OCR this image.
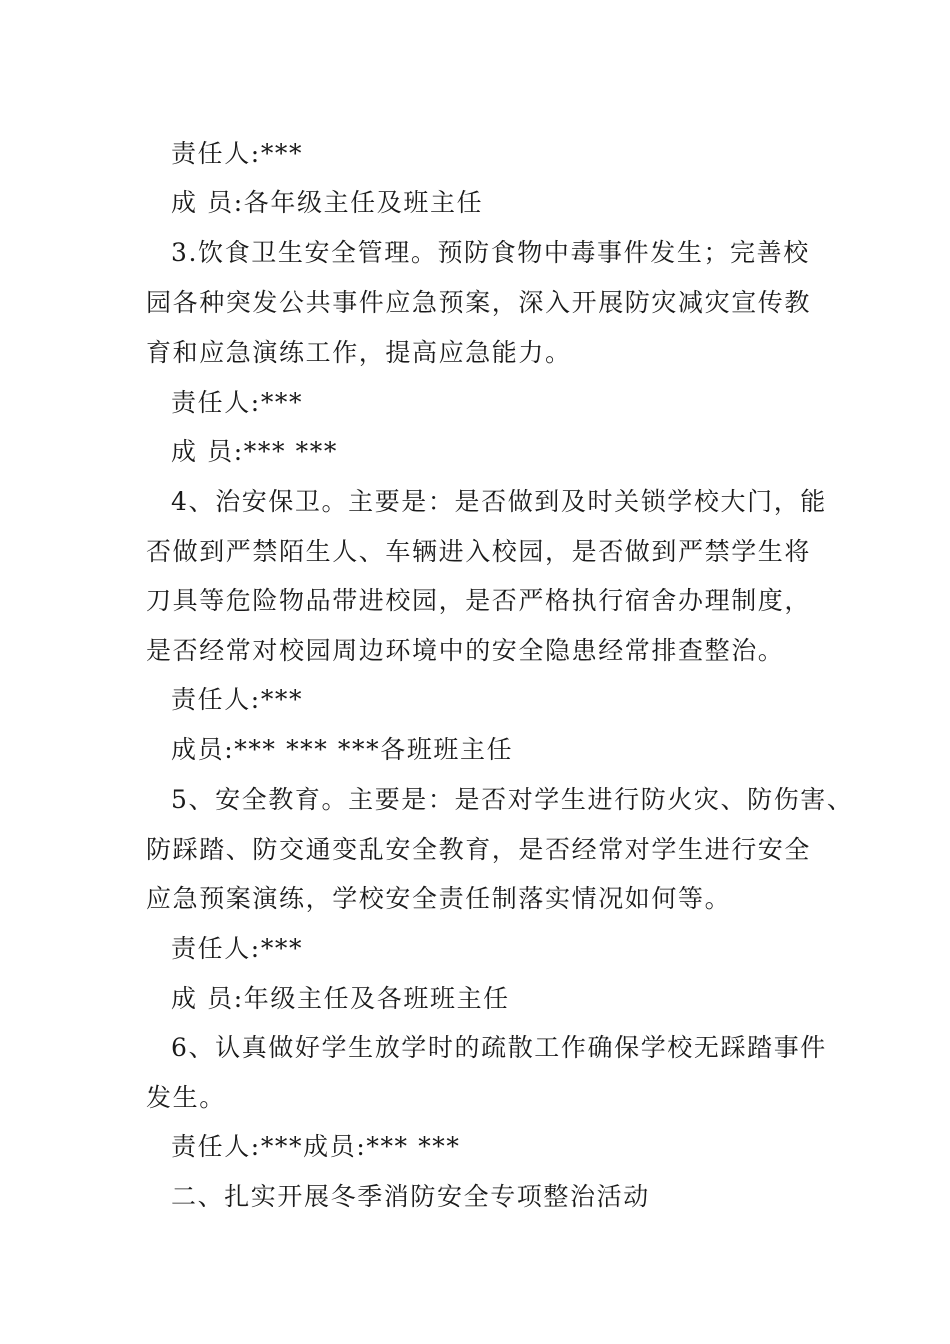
责任人:***
成 员:各年级主任及班主任
3.饮食卫生安全管理。预防食物中毒事件发生；完善校
园各种突发公共事件应急预案，深入开展防灾减灾宣传教
育和应急演练工作，提高应急能力。
责任人:***
成 员:*** ***
4、治安保卫。主要是：是否做到及时关锁学校大门，能
否做到严禁陌生人、车辆进入校园，是否做到严禁学生将
刀具等危险物品带进校园，是否严格执行宿舍办理制度，
是否经常对校园周边环境中的安全隐患经常排查整治。
责任人:***
成员:*** *** ***各班班主任
5、安全教育。主要是：是否对学生进行防火灾、防伤害、
防踩踏、防交通变乱安全教育，是否经常对学生进行安全
应急预案演练，学校安全责任制落实情况如何等。
责任人:***
成 员:年级主任及各班班主任
6、认真做好学生放学时的疏散工作确保学校无踩踏事件
发生。
责任人:***成员:*** ***
二、扎实开展冬季消防安全专项整治活动
